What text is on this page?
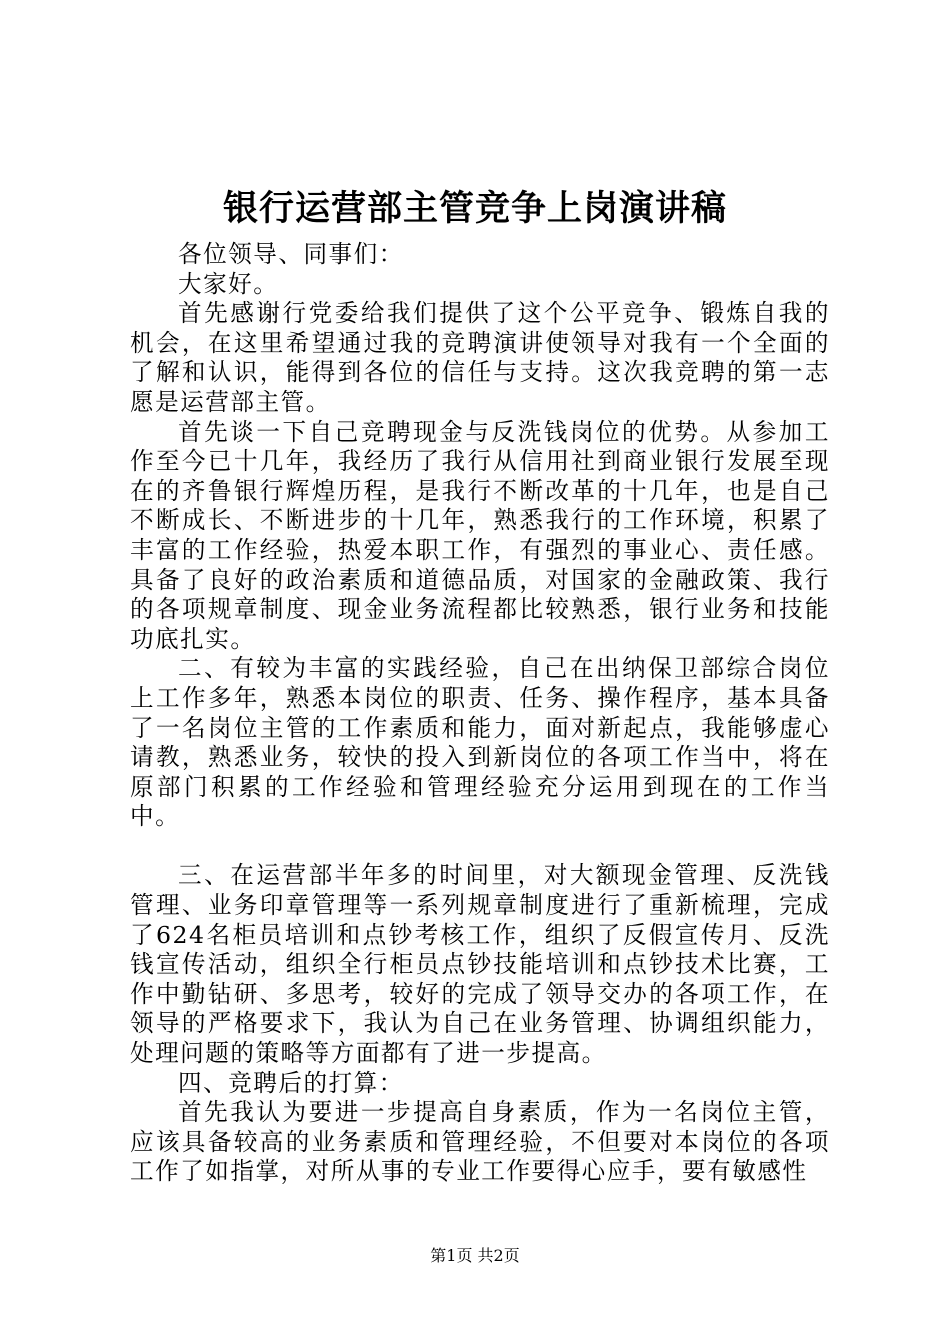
银行运营部主管竞争上岗演讲稿

各位领导、同事们：

大家好。

首先感谢行党委给我们提供了这个公平竞争、锻炼自我的机会，在这里希望通过我的竞聘演讲使领导对我有一个全面的了解和认识，能得到各位的信任与支持。这次我竞聘的第一志愿是运营部主管。

首先谈一下自己竞聘现金与反洗钱岗位的优势。从参加工作至今已十几年，我经历了我行从信用社到商业银行发展至现在的齐鲁银行辉煌历程，是我行不断改革的十几年，也是自己不断成长、不断进步的十几年，熟悉我行的工作环境，积累了丰富的工作经验，热爱本职工作，有强烈的事业心、责任感。具备了良好的政治素质和道德品质，对国家的金融政策、我行的各项规章制度、现金业务流程都比较熟悉，银行业务和技能功底扎实。

二、有较为丰富的实践经验，自己在出纳保卫部综合岗位上工作多年，熟悉本岗位的职责、任务、操作程序，基本具备了一名岗位主管的工作素质和能力，面对新起点，我能够虚心请教，熟悉业务，较快的投入到新岗位的各项工作当中，将在原部门积累的工作经验和管理经验充分运用到现在的工作当中。

三、在运营部半年多的时间里，对大额现金管理、反洗钱管理、业务印章管理等一系列规章制度进行了重新梳理，完成了624名柜员培训和点钞考核工作，组织了反假宣传月、反洗钱宣传活动，组织全行柜员点钞技能培训和点钞技术比赛，工作中勤钻研、多思考，较好的完成了领导交办的各项工作，在领导的严格要求下，我认为自己在业务管理、协调组织能力，处理问题的策略等方面都有了进一步提高。

四、竞聘后的打算：

首先我认为要进一步提高自身素质，作为一名岗位主管，应该具备较高的业务素质和管理经验，不但要对本岗位的各项工作了如指掌，对所从事的专业工作要得心应手，要有敏感性

第1页 共2页
